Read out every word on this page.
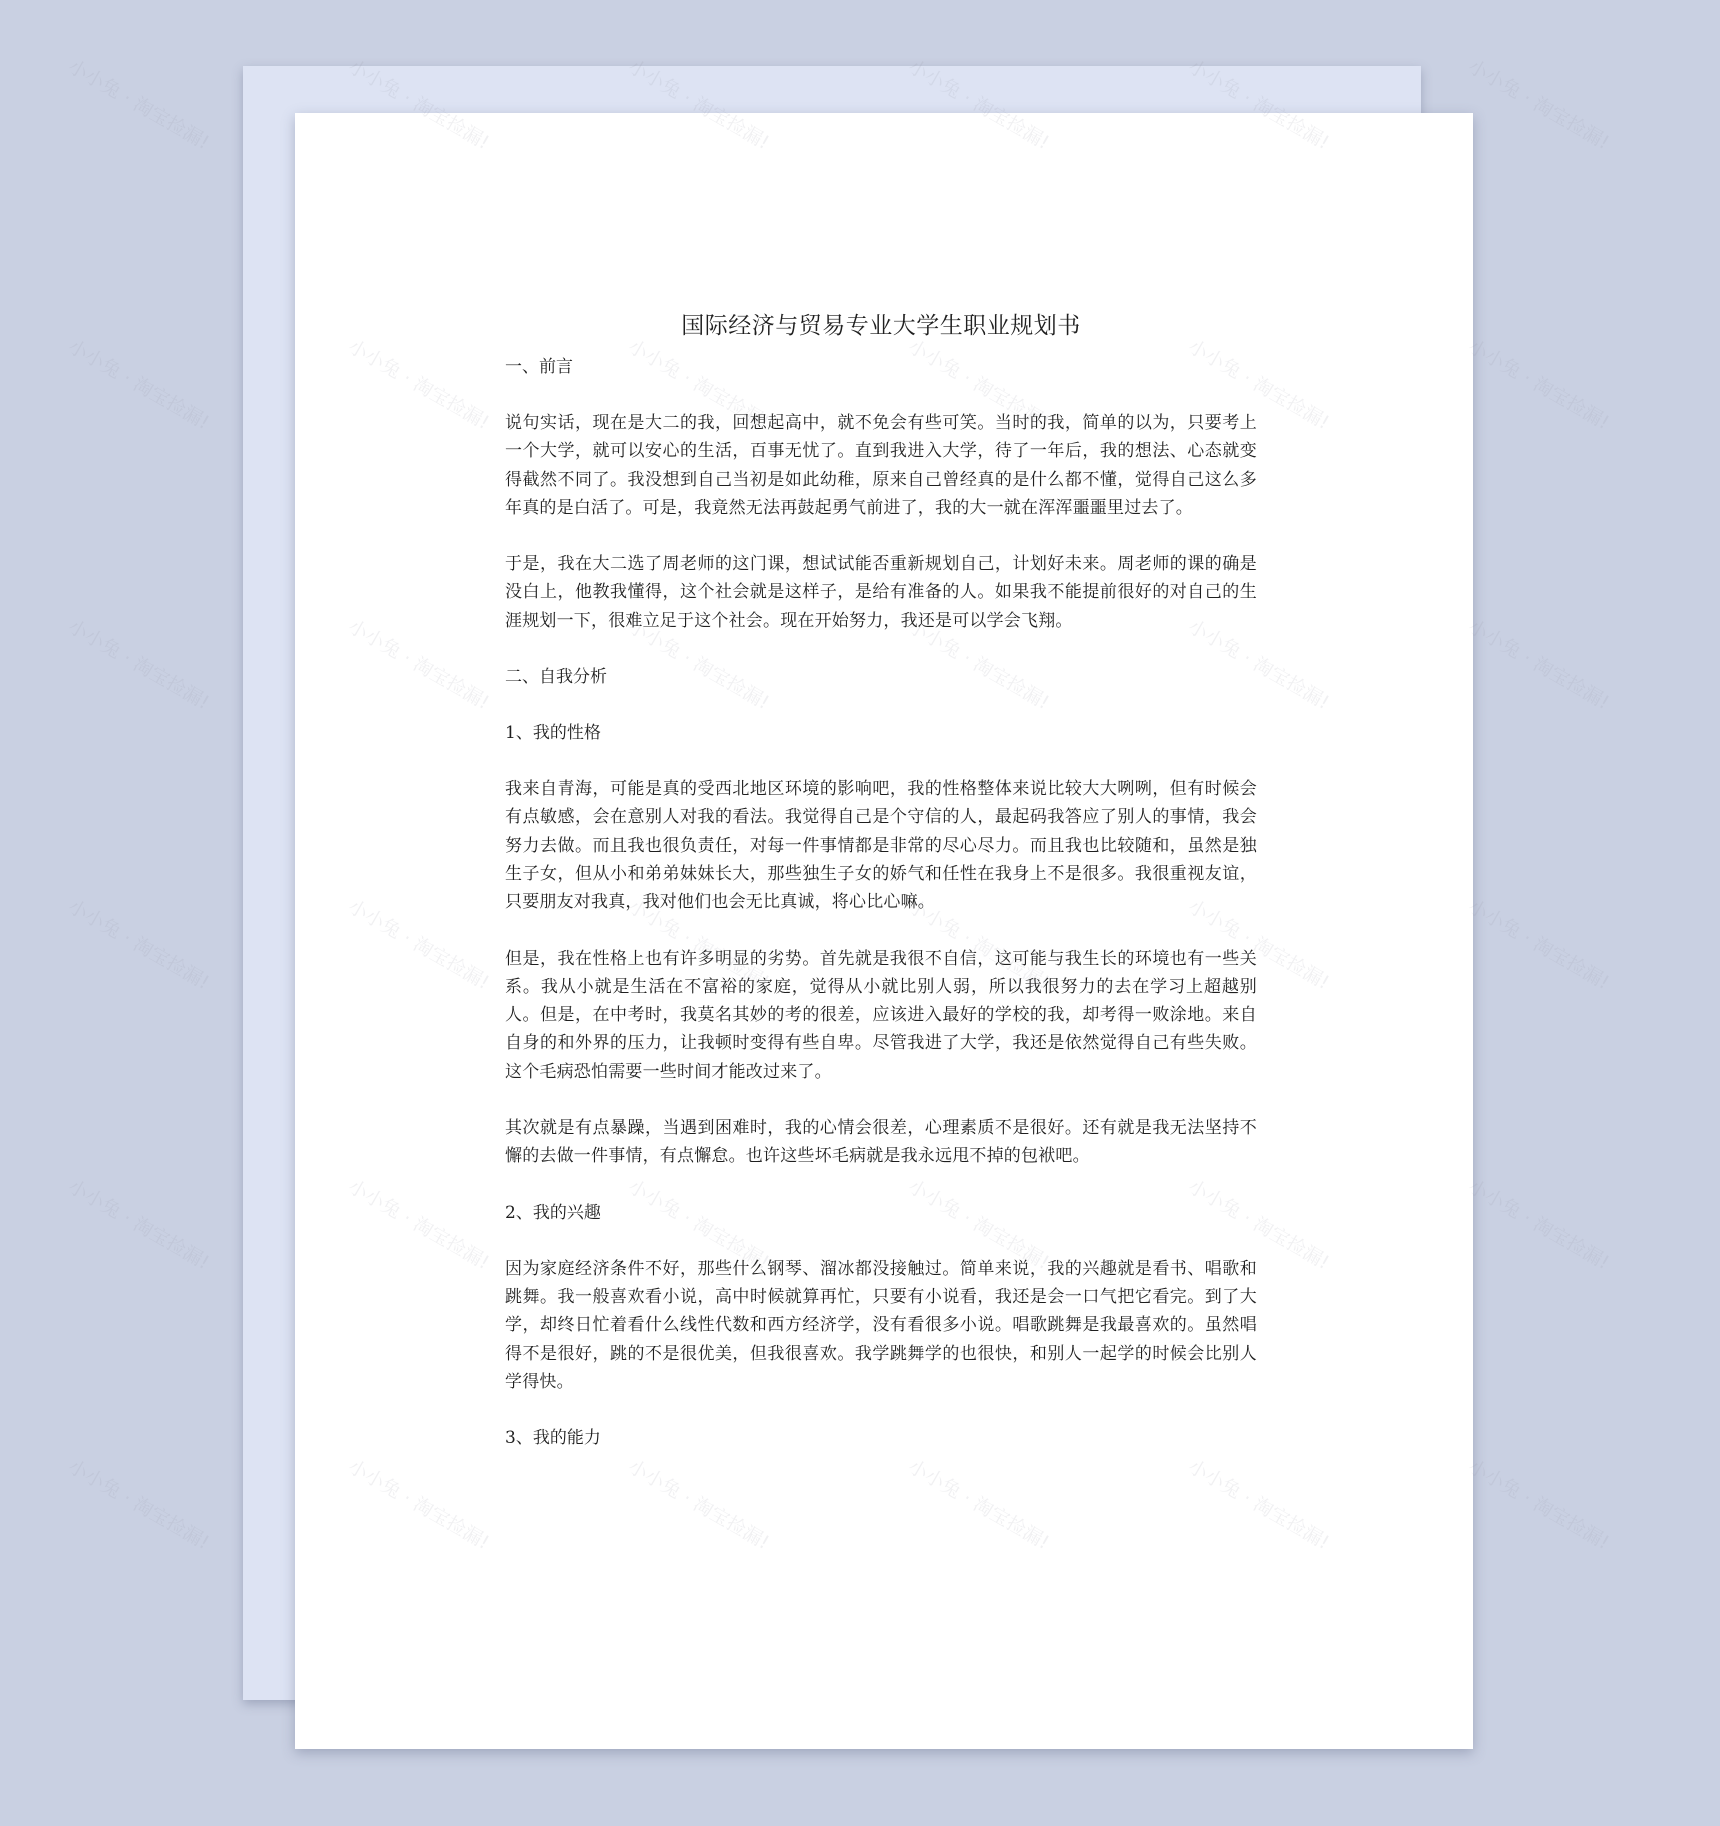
国际经济与贸易专业大学生职业规划书
一、前言
说句实话，现在是大二的我，回想起高中，就不免会有些可笑。当时的我，简单的以为，只要考上一个大学，就可以安心的生活，百事无忧了。直到我进入大学，待了一年后，我的想法、心态就变得截然不同了。我没想到自己当初是如此幼稚，原来自己曾经真的是什么都不懂，觉得自己这么多年真的是白活了。可是，我竟然无法再鼓起勇气前进了，我的大一就在浑浑噩噩里过去了。
于是，我在大二选了周老师的这门课，想试试能否重新规划自己，计划好未来。周老师的课的确是没白上，他教我懂得，这个社会就是这样子，是给有准备的人。如果我不能提前很好的对自己的生涯规划一下，很难立足于这个社会。现在开始努力，我还是可以学会飞翔。
二、自我分析
1、我的性格
我来自青海，可能是真的受西北地区环境的影响吧，我的性格整体来说比较大大咧咧，但有时候会有点敏感，会在意别人对我的看法。我觉得自己是个守信的人，最起码我答应了别人的事情，我会努力去做。而且我也很负责任，对每一件事情都是非常的尽心尽力。而且我也比较随和，虽然是独生子女，但从小和弟弟妹妹长大，那些独生子女的娇气和任性在我身上不是很多。我很重视友谊，只要朋友对我真，我对他们也会无比真诚，将心比心嘛。
但是，我在性格上也有许多明显的劣势。首先就是我很不自信，这可能与我生长的环境也有一些关系。我从小就是生活在不富裕的家庭，觉得从小就比别人弱，所以我很努力的去在学习上超越别人。但是，在中考时，我莫名其妙的考的很差，应该进入最好的学校的我，却考得一败涂地。来自自身的和外界的压力，让我顿时变得有些自卑。尽管我进了大学，我还是依然觉得自己有些失败。这个毛病恐怕需要一些时间才能改过来了。
其次就是有点暴躁，当遇到困难时，我的心情会很差，心理素质不是很好。还有就是我无法坚持不懈的去做一件事情，有点懈怠。也许这些坏毛病就是我永远甩不掉的包袱吧。
2、我的兴趣
因为家庭经济条件不好，那些什么钢琴、溜冰都没接触过。简单来说，我的兴趣就是看书、唱歌和跳舞。我一般喜欢看小说，高中时候就算再忙，只要有小说看，我还是会一口气把它看完。到了大学，却终日忙着看什么线性代数和西方经济学，没有看很多小说。唱歌跳舞是我最喜欢的。虽然唱得不是很好，跳的不是很优美，但我很喜欢。我学跳舞学的也很快，和别人一起学的时候会比别人学得快。
3、我的能力
小小兔 · 淘宝捡漏!	小小兔 · 淘宝捡漏!
小小兔 · 淘宝捡漏!	小小兔 · 淘宝捡漏!
小小兔 · 淘宝捡漏!	小小兔 · 淘宝捡漏!
小小兔 · 淘宝捡漏!	小小兔 · 淘宝捡漏!
小小兔 · 淘宝捡漏!	小小兔 · 淘宝捡漏!
小小兔 · 淘宝捡漏!	小小兔 · 淘宝捡漏!
